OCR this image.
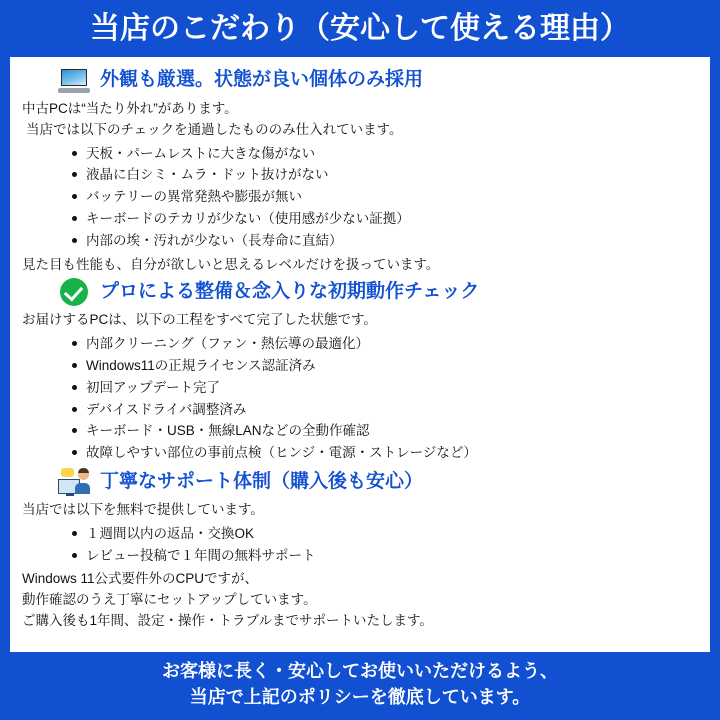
当店のこだわり（安心して使える理由）
外観も厳選。状態が良い個体のみ採用

中古PCは“当たり外れ”があります。

当店では以下のチェックを通過したもののみ仕入れています。

天板・パームレストに大きな傷がない
液晶に白シミ・ムラ・ドット抜けがない
バッテリーの異常発熱や膨張が無い
キーボードのテカリが少ない（使用感が少ない証拠）
内部の埃・汚れが少ない（長寿命に直結）

見た目も性能も、自分が欲しいと思えるレベルだけを扱っています。

プロによる整備＆念入りな初期動作チェック

お届けするPCは、以下の工程をすべて完了した状態です。

内部クリーニング（ファン・熱伝導の最適化）
Windows11の正規ライセンス認証済み
初回アップデート完了
デバイスドライバ調整済み
キーボード・USB・無線LANなどの全動作確認
故障しやすい部位の事前点検（ヒンジ・電源・ストレージなど）
丁寧なサポート体制（購入後も安心）

当店では以下を無料で提供しています。

１週間以内の返品・交換OK
レビュー投稿で１年間の無料サポート

Windows 11公式要件外のCPUですが、

動作確認のうえ丁寧にセットアップしています。

ご購入後も1年間、設定・操作・トラブルまでサポートいたします。

お客様に長く・安心してお使いいただけるよう、
当店で上記のポリシーを徹底しています。
